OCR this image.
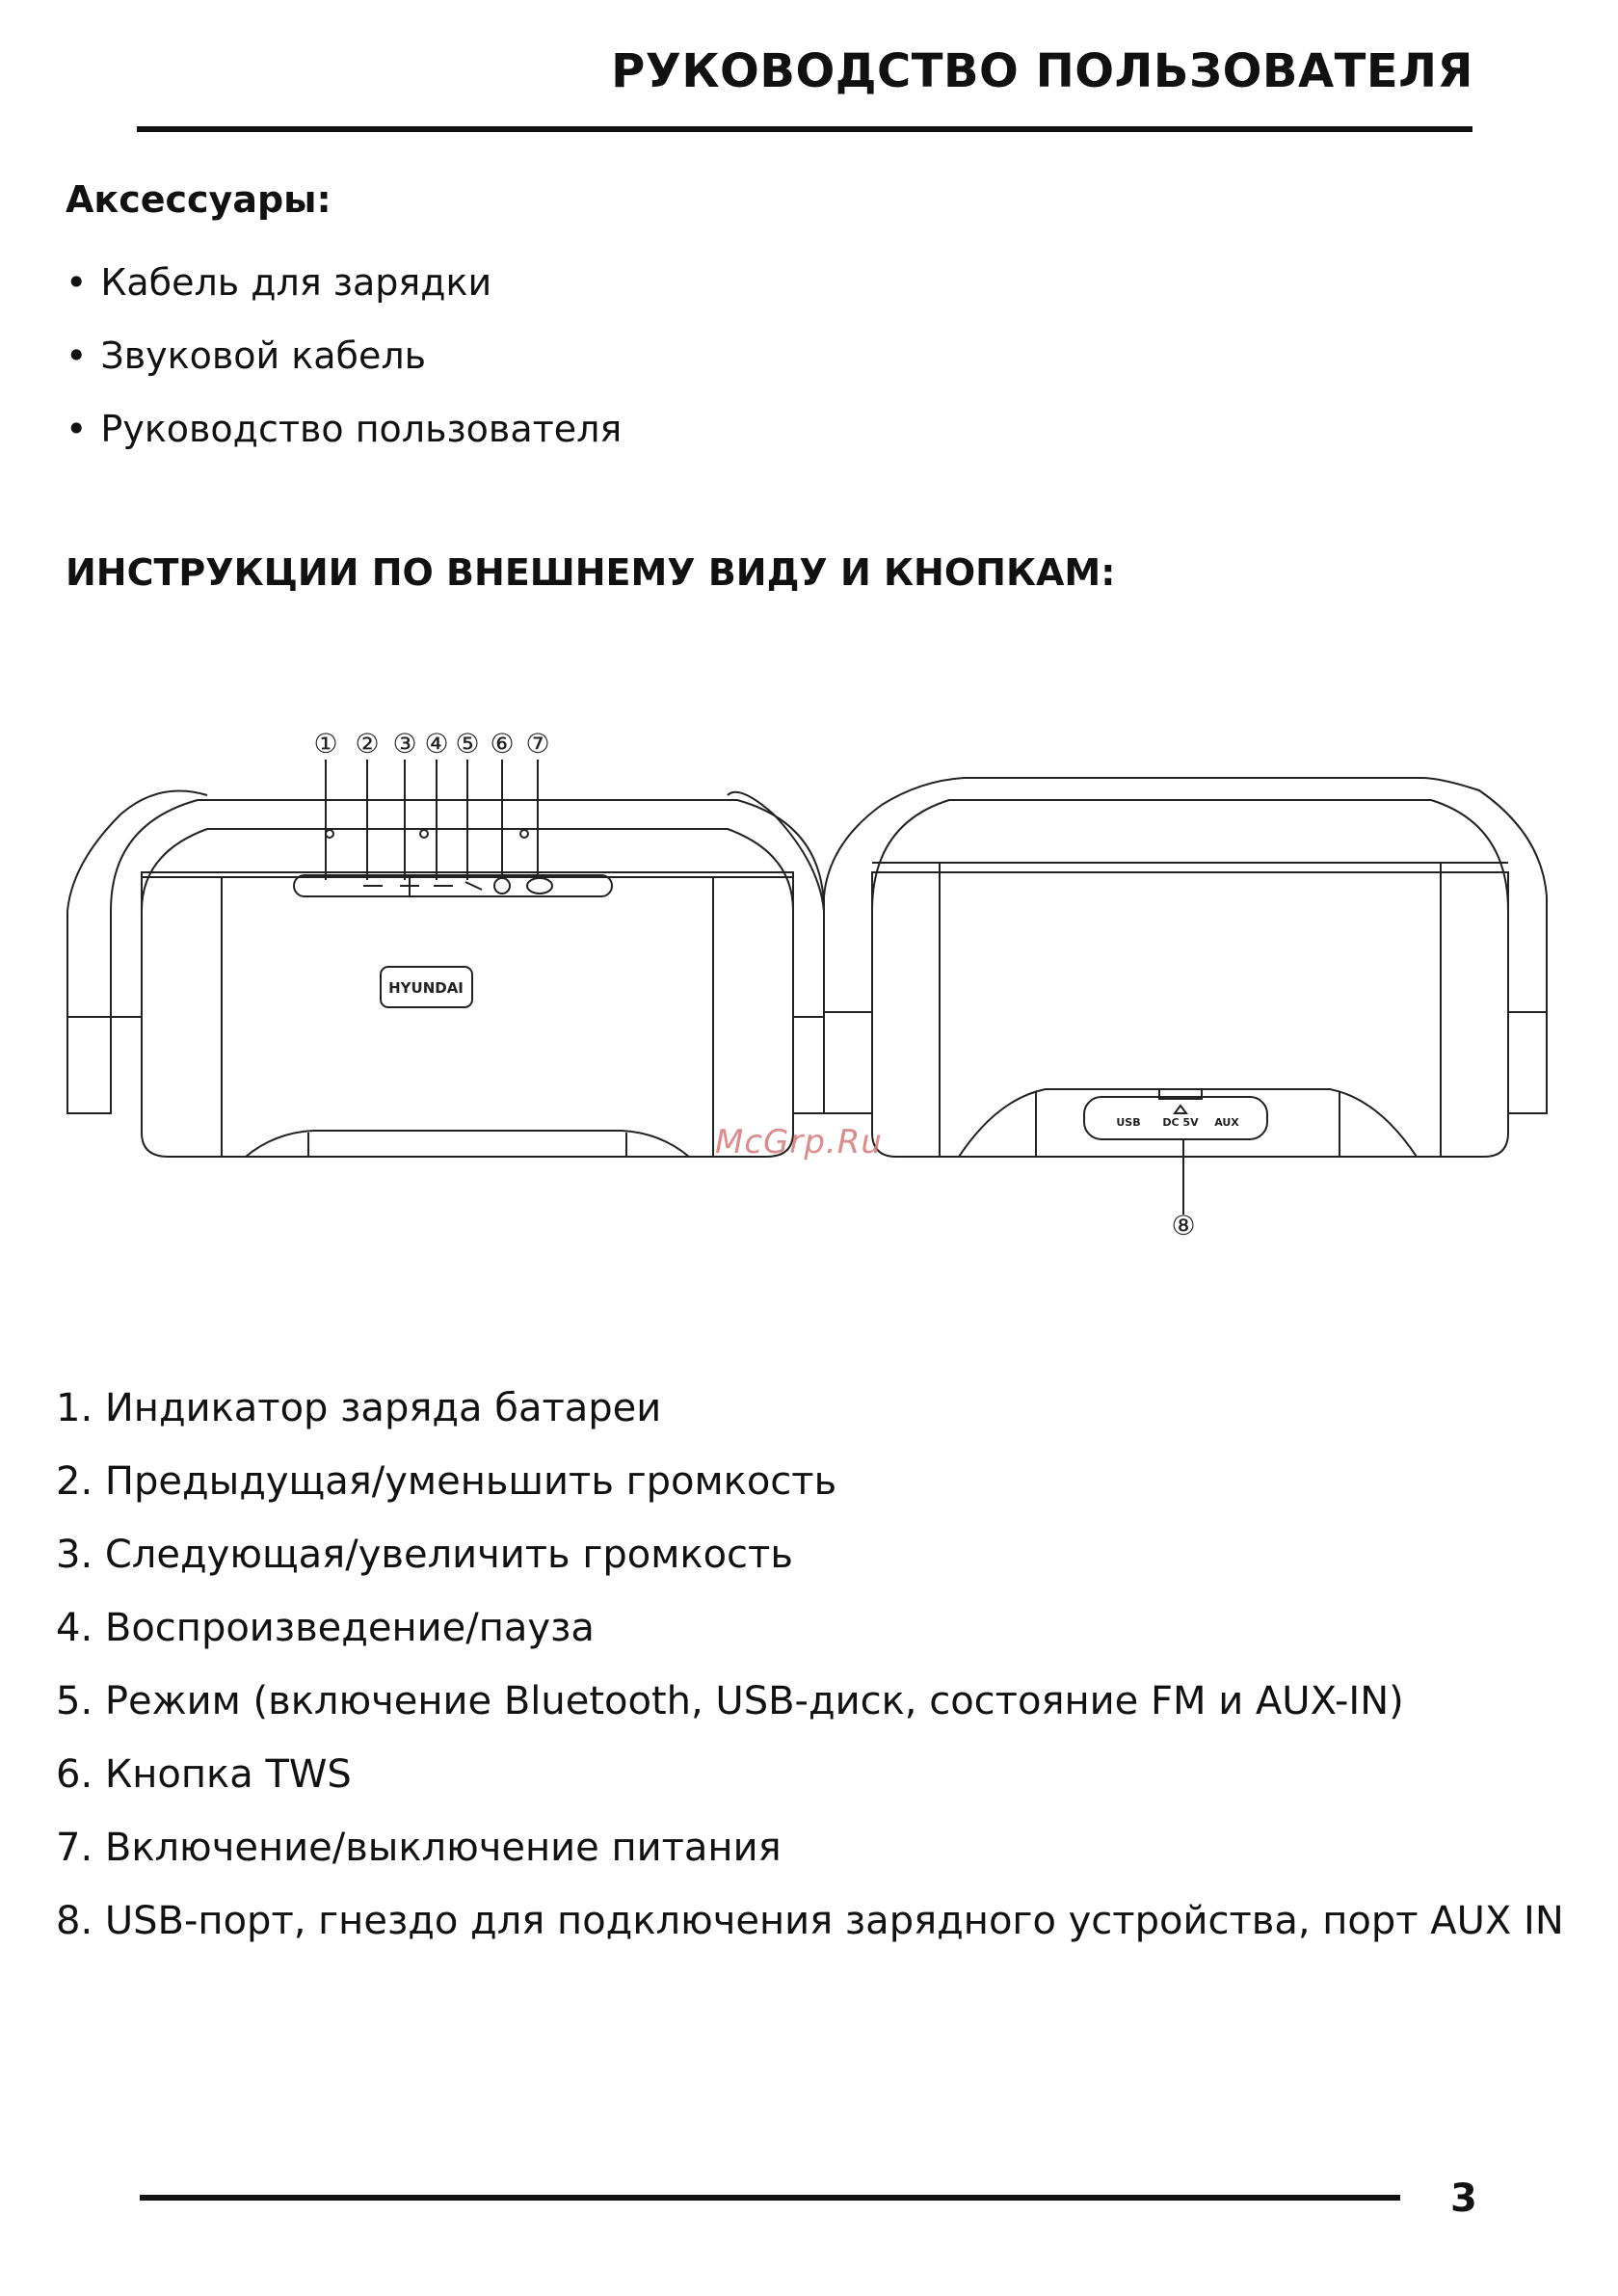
РУКОВОДСТВО ПОЛЬЗОВАТЕЛЯ
Аксессуары:
• Кабель для зарядки
• Звуковой кабель
• Руководство пользователя
ИНСТРУКЦИИ ПО ВНЕШНЕМУ ВИДУ И КНОПКАМ:
① ② ③ ④ ⑤ ⑥ ⑦
⑧
HYUNDAI
USB DC 5V AUX
McGrp.Ru
1. Индикатор заряда батареи
2. Предыдущая/уменьшить громкость
3. Следующая/увеличить громкость
4. Воспроизведение/пауза
5. Режим (включение Bluetooth, USB-диск, состояние FM и AUX-IN)
6. Кнопка TWS
7. Включение/выключение питания
8. USB-порт, гнездо для подключения зарядного устройства, порт AUX IN
3
